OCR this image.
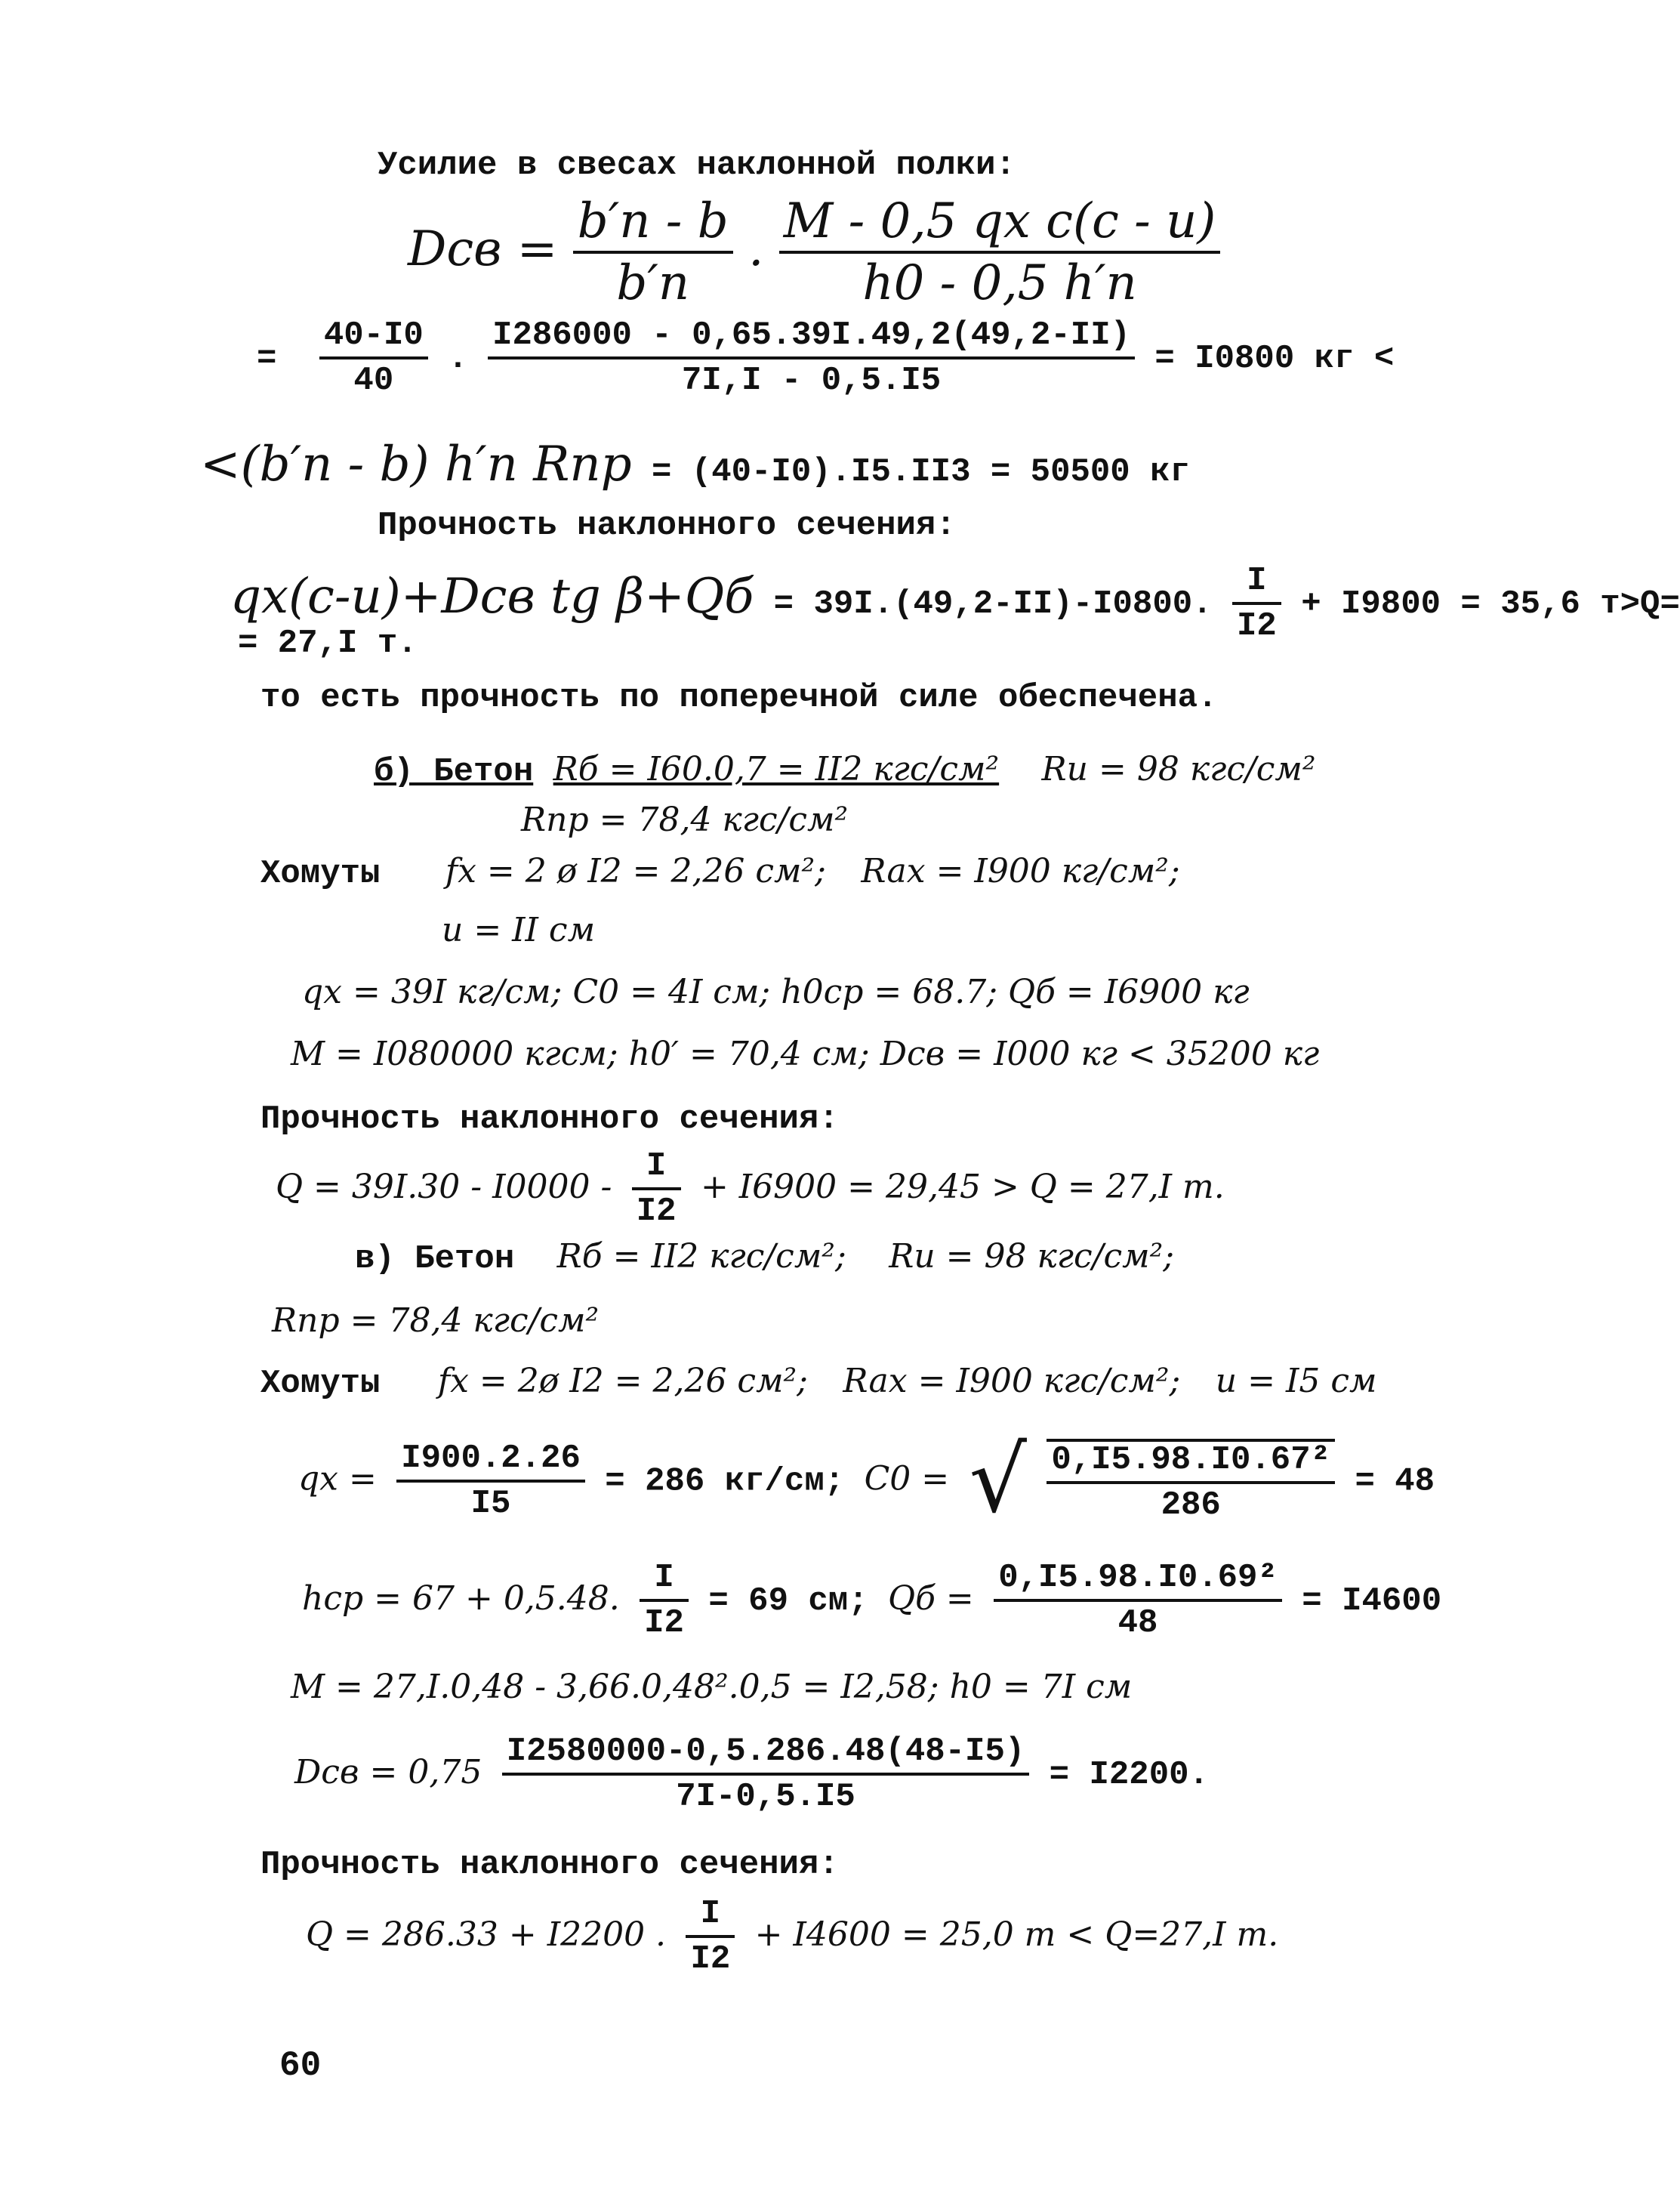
Усилие в свесах наклонной полки:
Dсв = $\frac{b'n - b}{b'n}$ . $\frac{\text{M - 0,5 qx c(c - u)}}{h0 - 0,5 h'n}$
= $\frac{40-I0}{40}$ . $\frac{I286000 - 0,65.39I.49,2(49,2-II)}{7I,I - 0,5.I5} = I0800$ кг <
<(b′n - b) h′n Rпр = (40-I0).I5.II3 = 50500 кг
Прочность наклонного сечения:
qx(c-u)+Dсв tg β+Qб = 39I.(49,2-II)-I0800. $\frac{I}{I2} + I9800 = 35,6$ т>Q=
= 27,I т.
то есть прочность по поперечной силе обеспечена.
б) Бетон Rб = I60.0,7 = II2 кгс/см² Ru = 98 кгс/см²
Rпр = 78,4 кгс/см²
Хомуты fx = 2 ø I2 = 2,26 см²; Rax = I900 кг/см²;
u = II см
qx = 39I кг/см; C0 = 4I см; h0ср = 68.7; Qб = I6900 кг
M = I080000 кгсм; h0′ = 70,4 см; Dсв = I000 кг < 35200 кг
Прочность наклонного сечения:
$Q = 39I.30 - I0000 - \frac{I}{I2} + I6900 = 29,45 > Q = 27,I$ т.
в) Бетон Rб = II2 кгс/см²; Ru = 98 кгс/см²;
Rпр = 78,4 кгс/см²
Хомуты fx = 2ø I2 = 2,26 см²; Rax = I900 кгс/см²; u = I5 см
qx = $\frac{I900.2.26}{I5} = 286$ кг/см; C0 = √ $\frac{\text{0,I5.98.I0.67²}}{286} = 48$
hср = 67 + 0,5.48. $\frac{I}{I2} = 69$ см; Qб = $\frac{\text{0,I5.98.I0.69²}}{48} = I4600$
M = 27,I.0,48 - 3,66.0,48².0,5 = I2,58; h0 = 7I см
Dсв = $0,75 \frac{I2580000-0,5.286.48(48-I5)}{7I-0,5.I5} = I2200$.
Прочность наклонного сечения:
Q = 286.33 + I2200 . $\frac{I}{I2} + I4600 = 25,0$ т < Q=27,I т.
60
